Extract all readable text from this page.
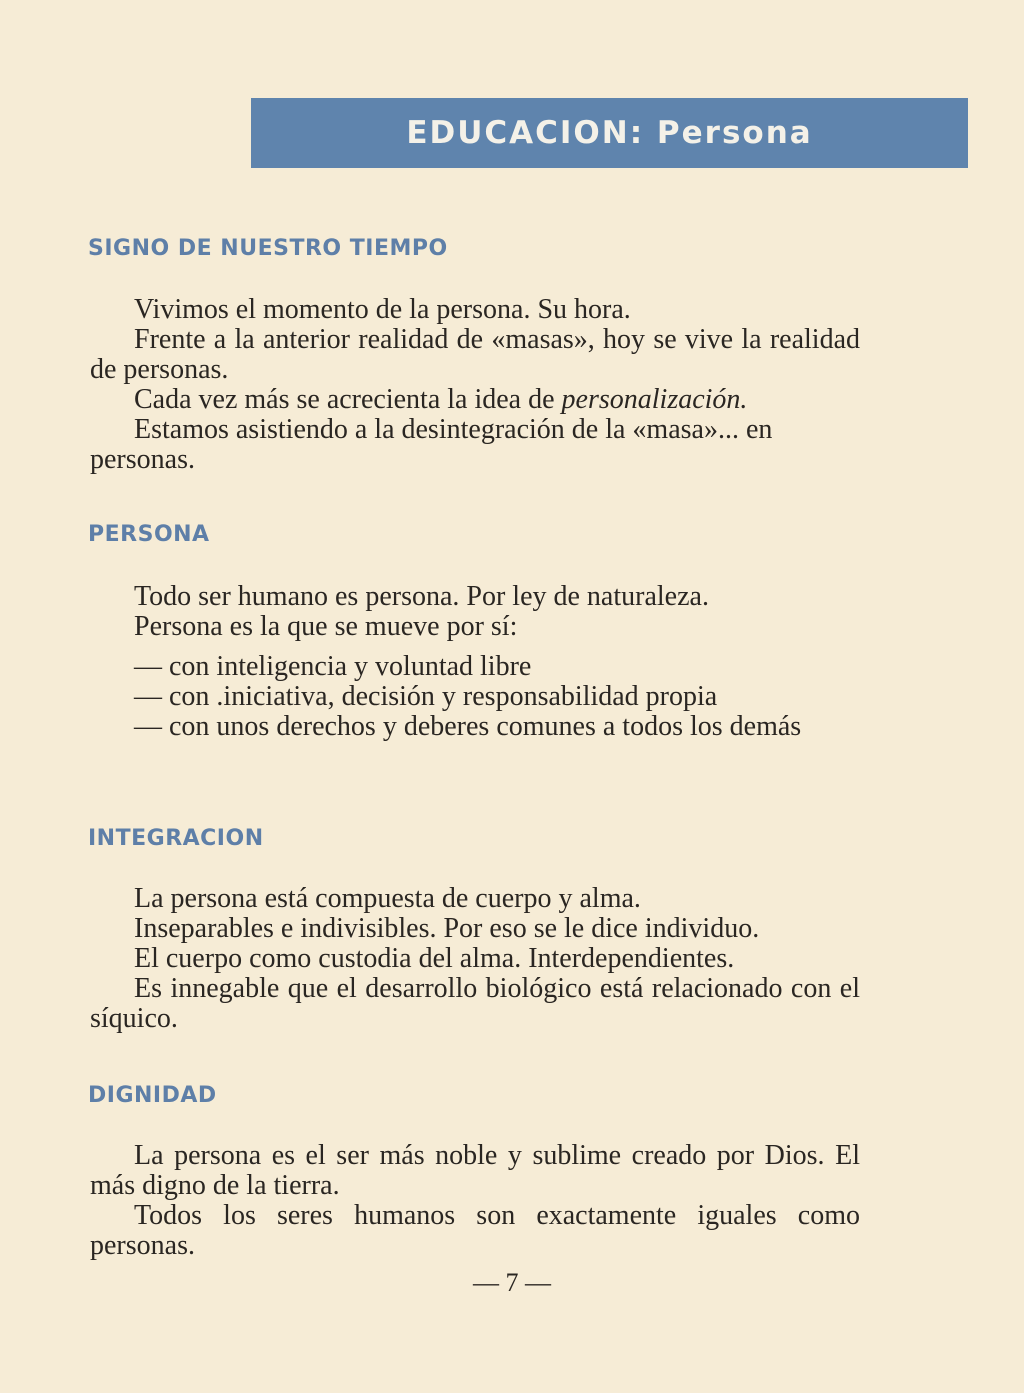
EDUCACION: Persona
SIGNO DE NUESTRO TIEMPO

Vivimos el momento de la persona. Su hora.

Frente a la anterior realidad de «masas», hoy se vive la realidad de personas.

Cada vez más se acrecienta la idea de personalización.

Estamos asistiendo a la desintegración de la «masa»... en personas.

PERSONA

Todo ser humano es persona. Por ley de naturaleza.

Persona es la que se mueve por sí:

— con inteligencia y voluntad libre
— con .iniciativa, decisión y responsabilidad propia
— con unos derechos y deberes comunes a todos los demás
INTEGRACION

La persona está compuesta de cuerpo y alma.

Inseparables e indivisibles. Por eso se le dice individuo.

El cuerpo como custodia del alma. Interdependientes.

Es innegable que el desarrollo biológico está relacionado con el síquico.

DIGNIDAD

La persona es el ser más noble y sublime creado por Dios. El más digno de la tierra.

Todos los seres humanos son exactamente iguales como personas.

— 7 —
